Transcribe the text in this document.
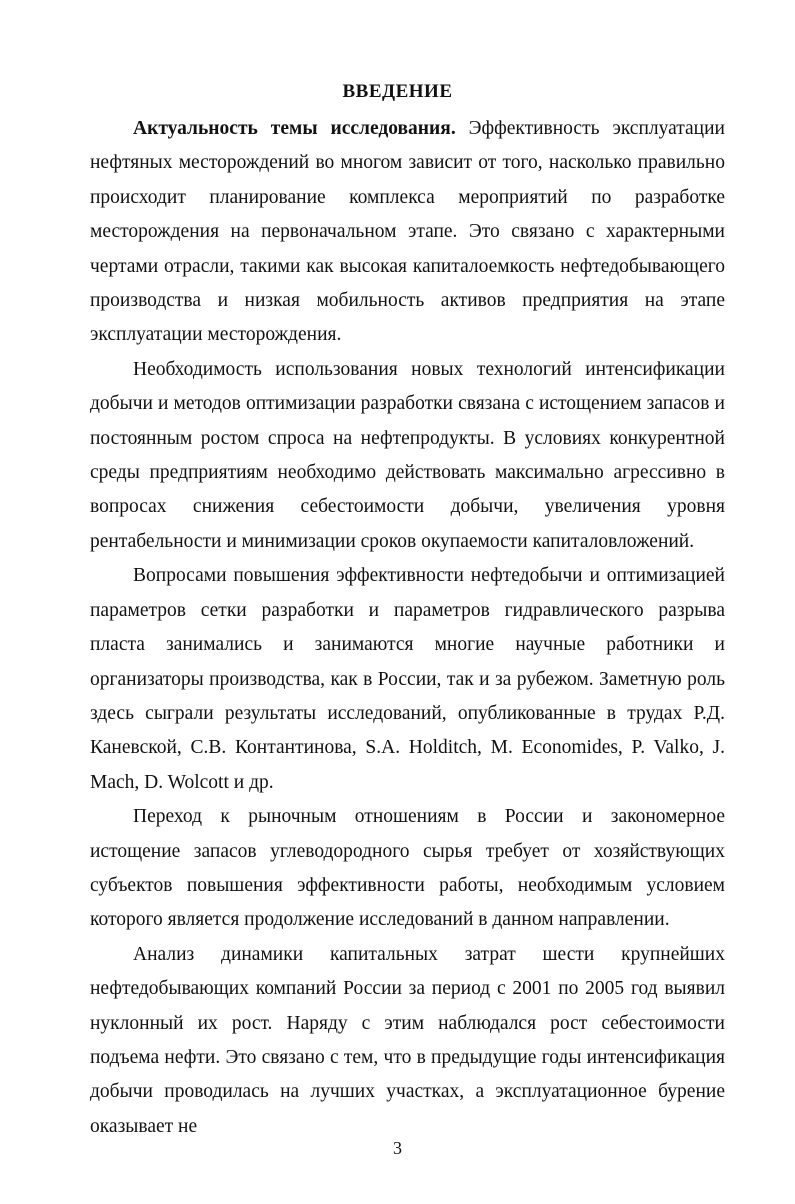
ВВЕДЕНИЕ

Актуальность темы исследования. Эффективность эксплуатации нефтяных месторождений во многом зависит от того, насколько правильно происходит планирование комплекса мероприятий по разработке месторождения на первоначальном этапе. Это связано с характерными чертами отрасли, такими как высокая капиталоемкость нефтедобывающего производства и низкая мобильность активов предприятия на этапе эксплуатации месторождения.

Необходимость использования новых технологий интенсификации добычи и методов оптимизации разработки связана с истощением запасов и постоянным ростом спроса на нефтепродукты. В условиях конкурентной среды предприятиям необходимо действовать максимально агрессивно в вопросах снижения себестоимости добычи, увеличения уровня рентабельности и минимизации сроков окупаемости капиталовложений.

Вопросами повышения эффективности нефтедобычи и оптимизацией параметров сетки разработки и параметров гидравлического разрыва пласта занимались и занимаются многие научные работники и организаторы производства, как в России, так и за рубежом. Заметную роль здесь сыграли результаты исследований, опубликованные в трудах Р.Д. Каневской, С.В. Контантинова, S.A. Holditch, M. Economides, P. Valko, J. Mach, D. Wolcott и др.

Переход к рыночным отношениям в России и закономерное истощение запасов углеводородного сырья требует от хозяйствующих субъектов повышения эффективности работы, необходимым условием которого является продолжение исследований в данном направлении.

Анализ динамики капитальных затрат шести крупнейших нефтедобывающих компаний России за период с 2001 по 2005 год выявил нуклонный их рост. Наряду с этим наблюдался рост себестоимости подъема нефти. Это связано с тем, что в предыдущие годы интенсификация добычи проводилась на лучших участках, а эксплуатационное бурение оказывает не

3
